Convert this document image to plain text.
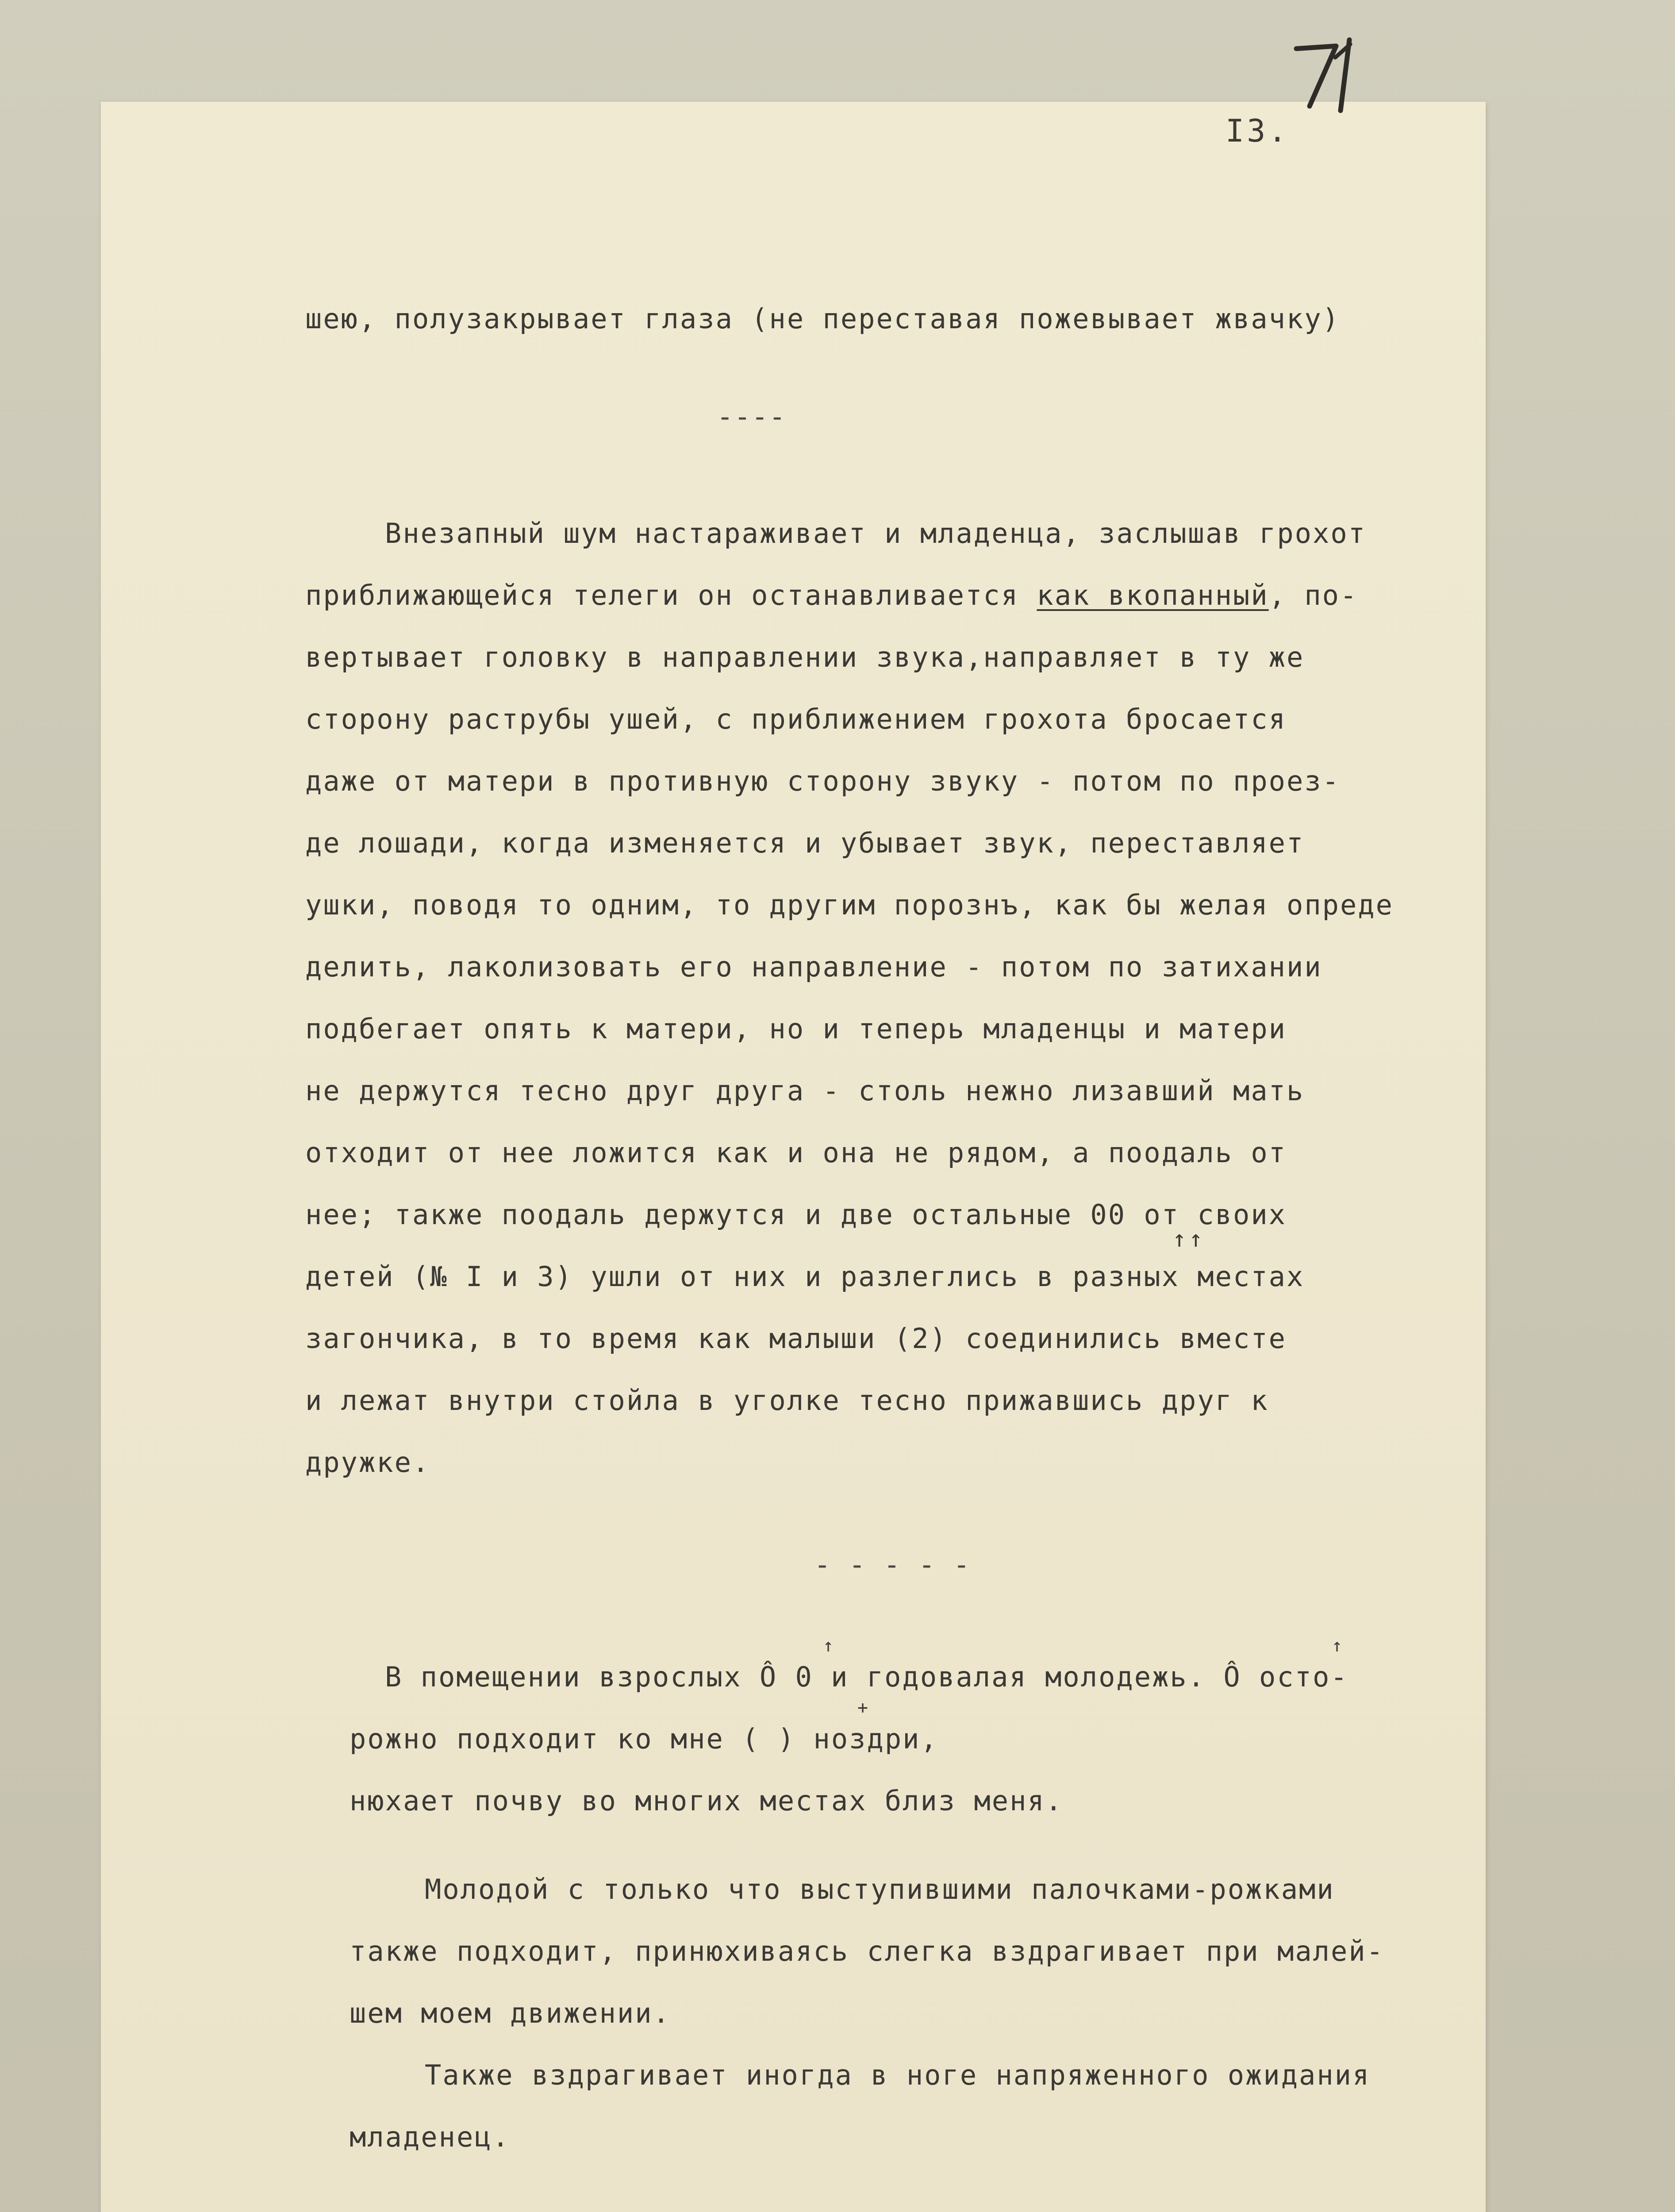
I3.
шею, полузакрывает глаза (не переставая пожевывает жвачку)
----
Внезапный шум настараживает и младенца, заслышав грохот
приближающейся телеги он останавливается как вкопанный, по-
вертывает головку в направлении звука,направляет в ту же
сторону раструбы ушей, с приближением грохота бросается
даже от матери в противную сторону звуку - потом по проез-
де лошади, когда изменяется и убывает звук, переставляет
ушки, поводя то одним, то другим порознъ, как бы желая опреде
делить, лаколизовать его направление - потом по затихании
подбегает опять к матери, но и теперь младенцы и матери
не держутся тесно друг друга - столь нежно лизавший мать
отходит от нее ложится как и она не рядом, а поодаль от
нее; также поодаль держутся и две остальные 00 от своих
↑↑
детей (№ I и 3) ушли от них и разлеглись в разных местах
загончика, в то время как малыши (2) соединились вместе
и лежат внутри стойла в уголке тесно прижавшись друг к
дружке.
- - - - -
↑	↑
В помещении взрослых Ô 0 и годовалая молодежь. Ô осто-
+
рожно подходит ко мне ( ) ноздри,
нюхает почву во многих местах близ меня.
Молодой с только что выступившими палочками-рожками
также подходит, принюхиваясь слегка вздрагивает при малей-
шем моем движении.
Также вздрагивает иногда в ноге напряженного ожидания
младенец.
